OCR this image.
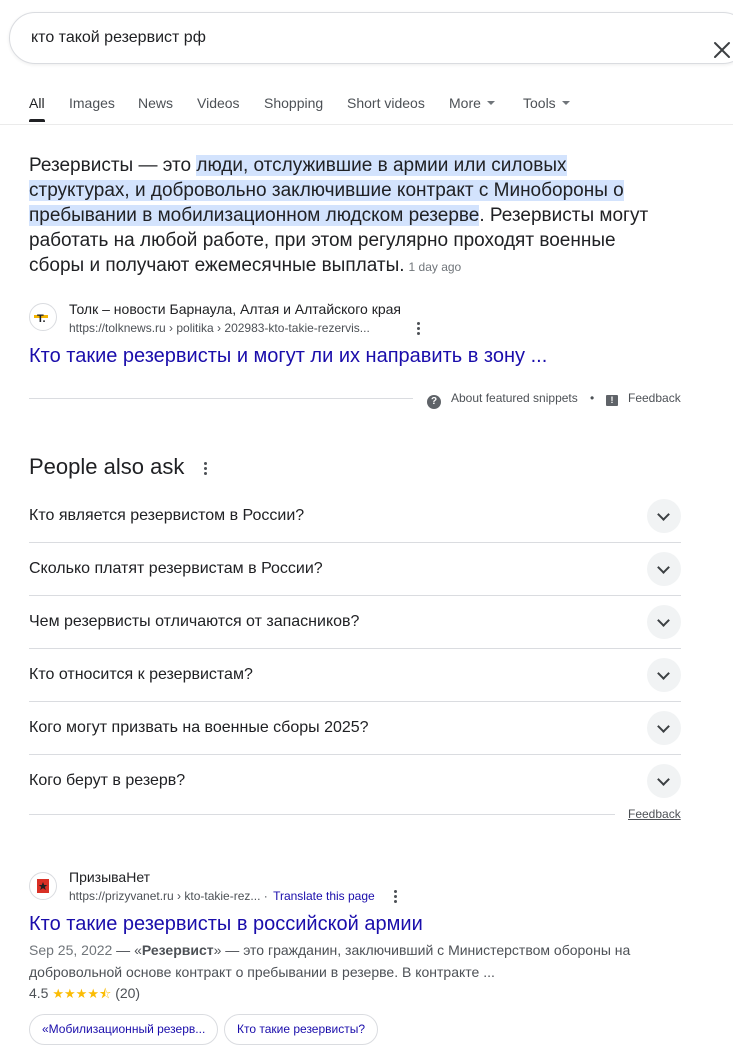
кто такой резервист рф
All Images News Videos Shopping Short videos More	Tools
Резервисты — это люди, отслужившие в армии или силовых структурах, и добровольно заключившие контракт с Минобороны о пребывании в мобилизационном людском резерве. Резервисты могут работать на любой работе, при этом регулярно проходят военные сборы и получают ежемесячные выплаты. 1 day ago
Т.
Толк – новости Барнаула, Алтая и Алтайского края
https://tolknews.ru › politika › 202983-kto-takie-rezervis...
Кто такие резервисты и могут ли их направить в зону ...
? About featured snippets •	! Feedback
People also ask
Кто является резервистом в России?
Сколько платят резервистам в России?
Чем резервисты отличаются от запасников?
Кто относится к резервистам?
Кого могут призвать на военные сборы 2025?
Кого берут в резерв?
Feedback
ПризываНет
https://prizyvanet.ru › kto-takie-rez... · Translate this page
Кто такие резервисты в российской армии
Sep 25, 2022 — «Резервист» — это гражданин, заключивший с Министерством обороны на добровольной основе контракт о пребывании в резерве. В контракте ...
4.5 ★★★★⯪ (20)
«Мобилизационный резерв...	Кто такие резервисты?
